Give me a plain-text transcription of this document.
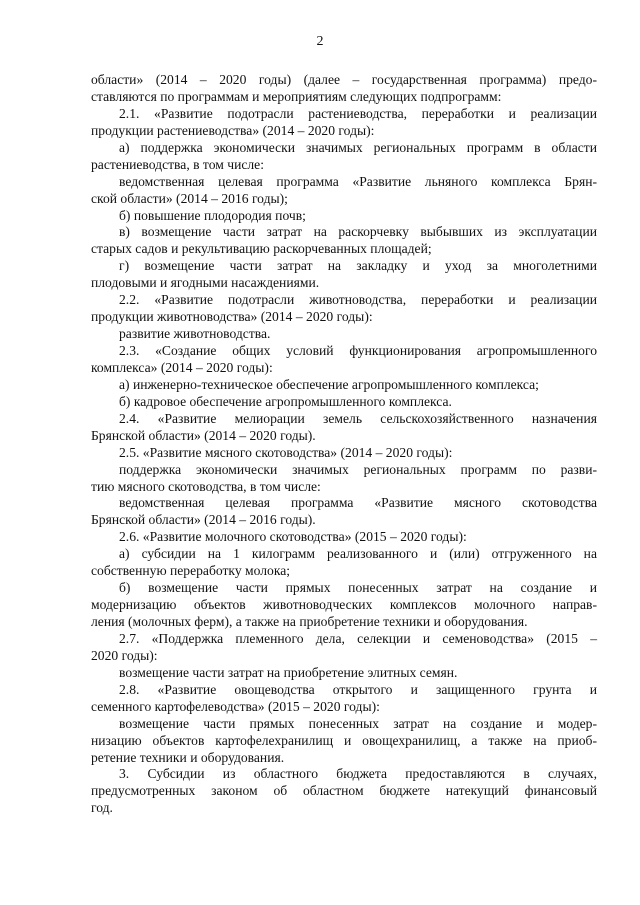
2
области» (2014 – 2020 годы) (далее – государственная программа) предо-
ставляются по программам и мероприятиям следующих подпрограмм:
2.1. «Развитие подотрасли растениеводства, переработки и реализации
продукции растениеводства» (2014 – 2020 годы):
а) поддержка экономически значимых региональных программ в области
растениеводства, в том числе:
ведомственная целевая программа «Развитие льняного комплекса Брян-
ской области» (2014 – 2016 годы);
б) повышение плодородия почв;
в) возмещение части затрат на раскорчевку выбывших из эксплуатации
старых садов и рекультивацию раскорчеванных площадей;
г) возмещение части затрат на закладку и уход за многолетними
плодовыми и ягодными насаждениями.
2.2. «Развитие подотрасли животноводства, переработки и реализации
продукции животноводства» (2014 – 2020 годы):
развитие животноводства.
2.3. «Создание общих условий функционирования агропромышленного
комплекса» (2014 – 2020 годы):
а) инженерно-техническое обеспечение агропромышленного комплекса;
б) кадровое обеспечение агропромышленного комплекса.
2.4. «Развитие мелиорации земель сельскохозяйственного назначения
Брянской области» (2014 – 2020 годы).
2.5. «Развитие мясного скотоводства» (2014 – 2020 годы):
поддержка экономически значимых региональных программ по разви-
тию мясного скотоводства, в том числе:
ведомственная целевая программа «Развитие мясного скотоводства
Брянской области» (2014 – 2016 годы).
2.6. «Развитие молочного скотоводства» (2015 – 2020 годы):
а) субсидии на 1 килограмм реализованного и (или) отгруженного на
собственную переработку молока;
б) возмещение части прямых понесенных затрат на создание и
модернизацию объектов животноводческих комплексов молочного направ-
ления (молочных ферм), а также на приобретение техники и оборудования.
2.7. «Поддержка племенного дела, селекции и семеноводства» (2015 –
2020 годы):
возмещение части затрат на приобретение элитных семян.
2.8. «Развитие овощеводства открытого и защищенного грунта и
семенного картофелеводства» (2015 – 2020 годы):
возмещение части прямых понесенных затрат на создание и модер-
низацию объектов картофелехранилищ и овощехранилищ, а также на приоб-
ретение техники и оборудования.
3. Субсидии из областного бюджета предоставляются в случаях,
предусмотренных законом об областном бюджете натекущий финансовый
год.
